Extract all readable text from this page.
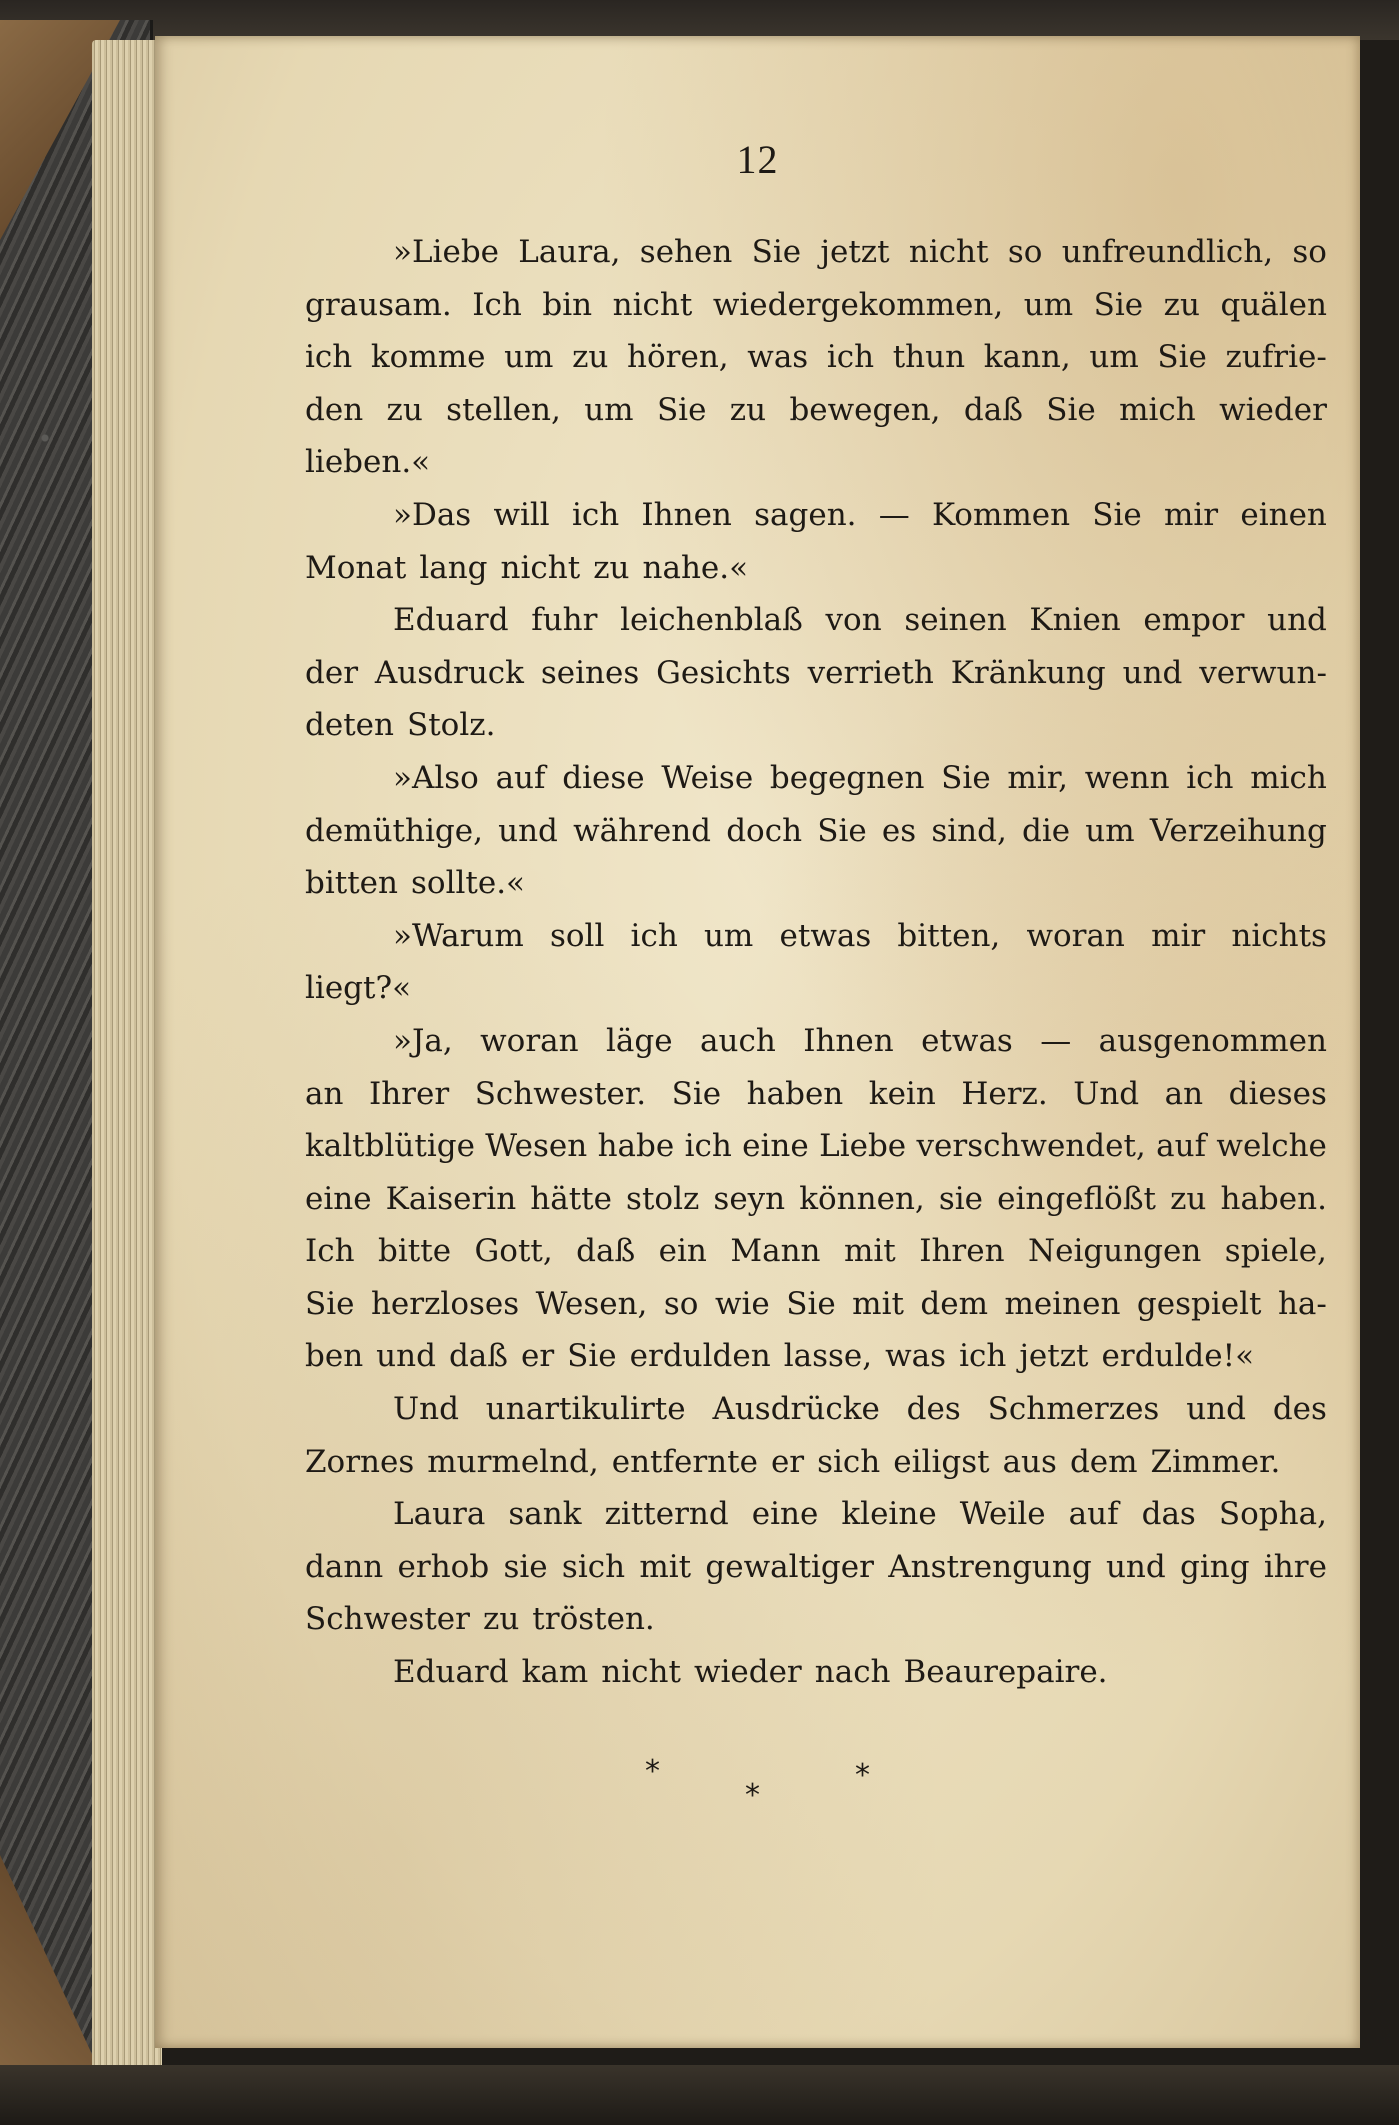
12
»Liebe Laura, sehen Sie jetzt nicht so unfreundlich, so
grausam. Ich bin nicht wiedergekommen, um Sie zu quälen
ich komme um zu hören, was ich thun kann, um Sie zufrie-
den zu stellen, um Sie zu bewegen, daß Sie mich wieder
lieben.«
»Das will ich Ihnen sagen. — Kommen Sie mir einen
Monat lang nicht zu nahe.«
Eduard fuhr leichenblaß von seinen Knien empor und
der Ausdruck seines Gesichts verrieth Kränkung und verwun-
deten Stolz.
»Also auf diese Weise begegnen Sie mir, wenn ich mich
demüthige, und während doch Sie es sind, die um Verzeihung
bitten sollte.«
»Warum soll ich um etwas bitten, woran mir nichts
liegt?«
»Ja, woran läge auch Ihnen etwas — ausgenommen
an Ihrer Schwester. Sie haben kein Herz. Und an dieses
kaltblütige Wesen habe ich eine Liebe verschwendet, auf welche
eine Kaiserin hätte stolz seyn können, sie eingeflößt zu haben.
Ich bitte Gott, daß ein Mann mit Ihren Neigungen spiele,
Sie herzloses Wesen, so wie Sie mit dem meinen gespielt ha-
ben und daß er Sie erdulden lasse, was ich jetzt erdulde!«
Und unartikulirte Ausdrücke des Schmerzes und des
Zornes murmelnd, entfernte er sich eiligst aus dem Zimmer.
Laura sank zitternd eine kleine Weile auf das Sopha,
dann erhob sie sich mit gewaltiger Anstrengung und ging ihre
Schwester zu trösten.
Eduard kam nicht wieder nach Beaurepaire.
*
*
*
